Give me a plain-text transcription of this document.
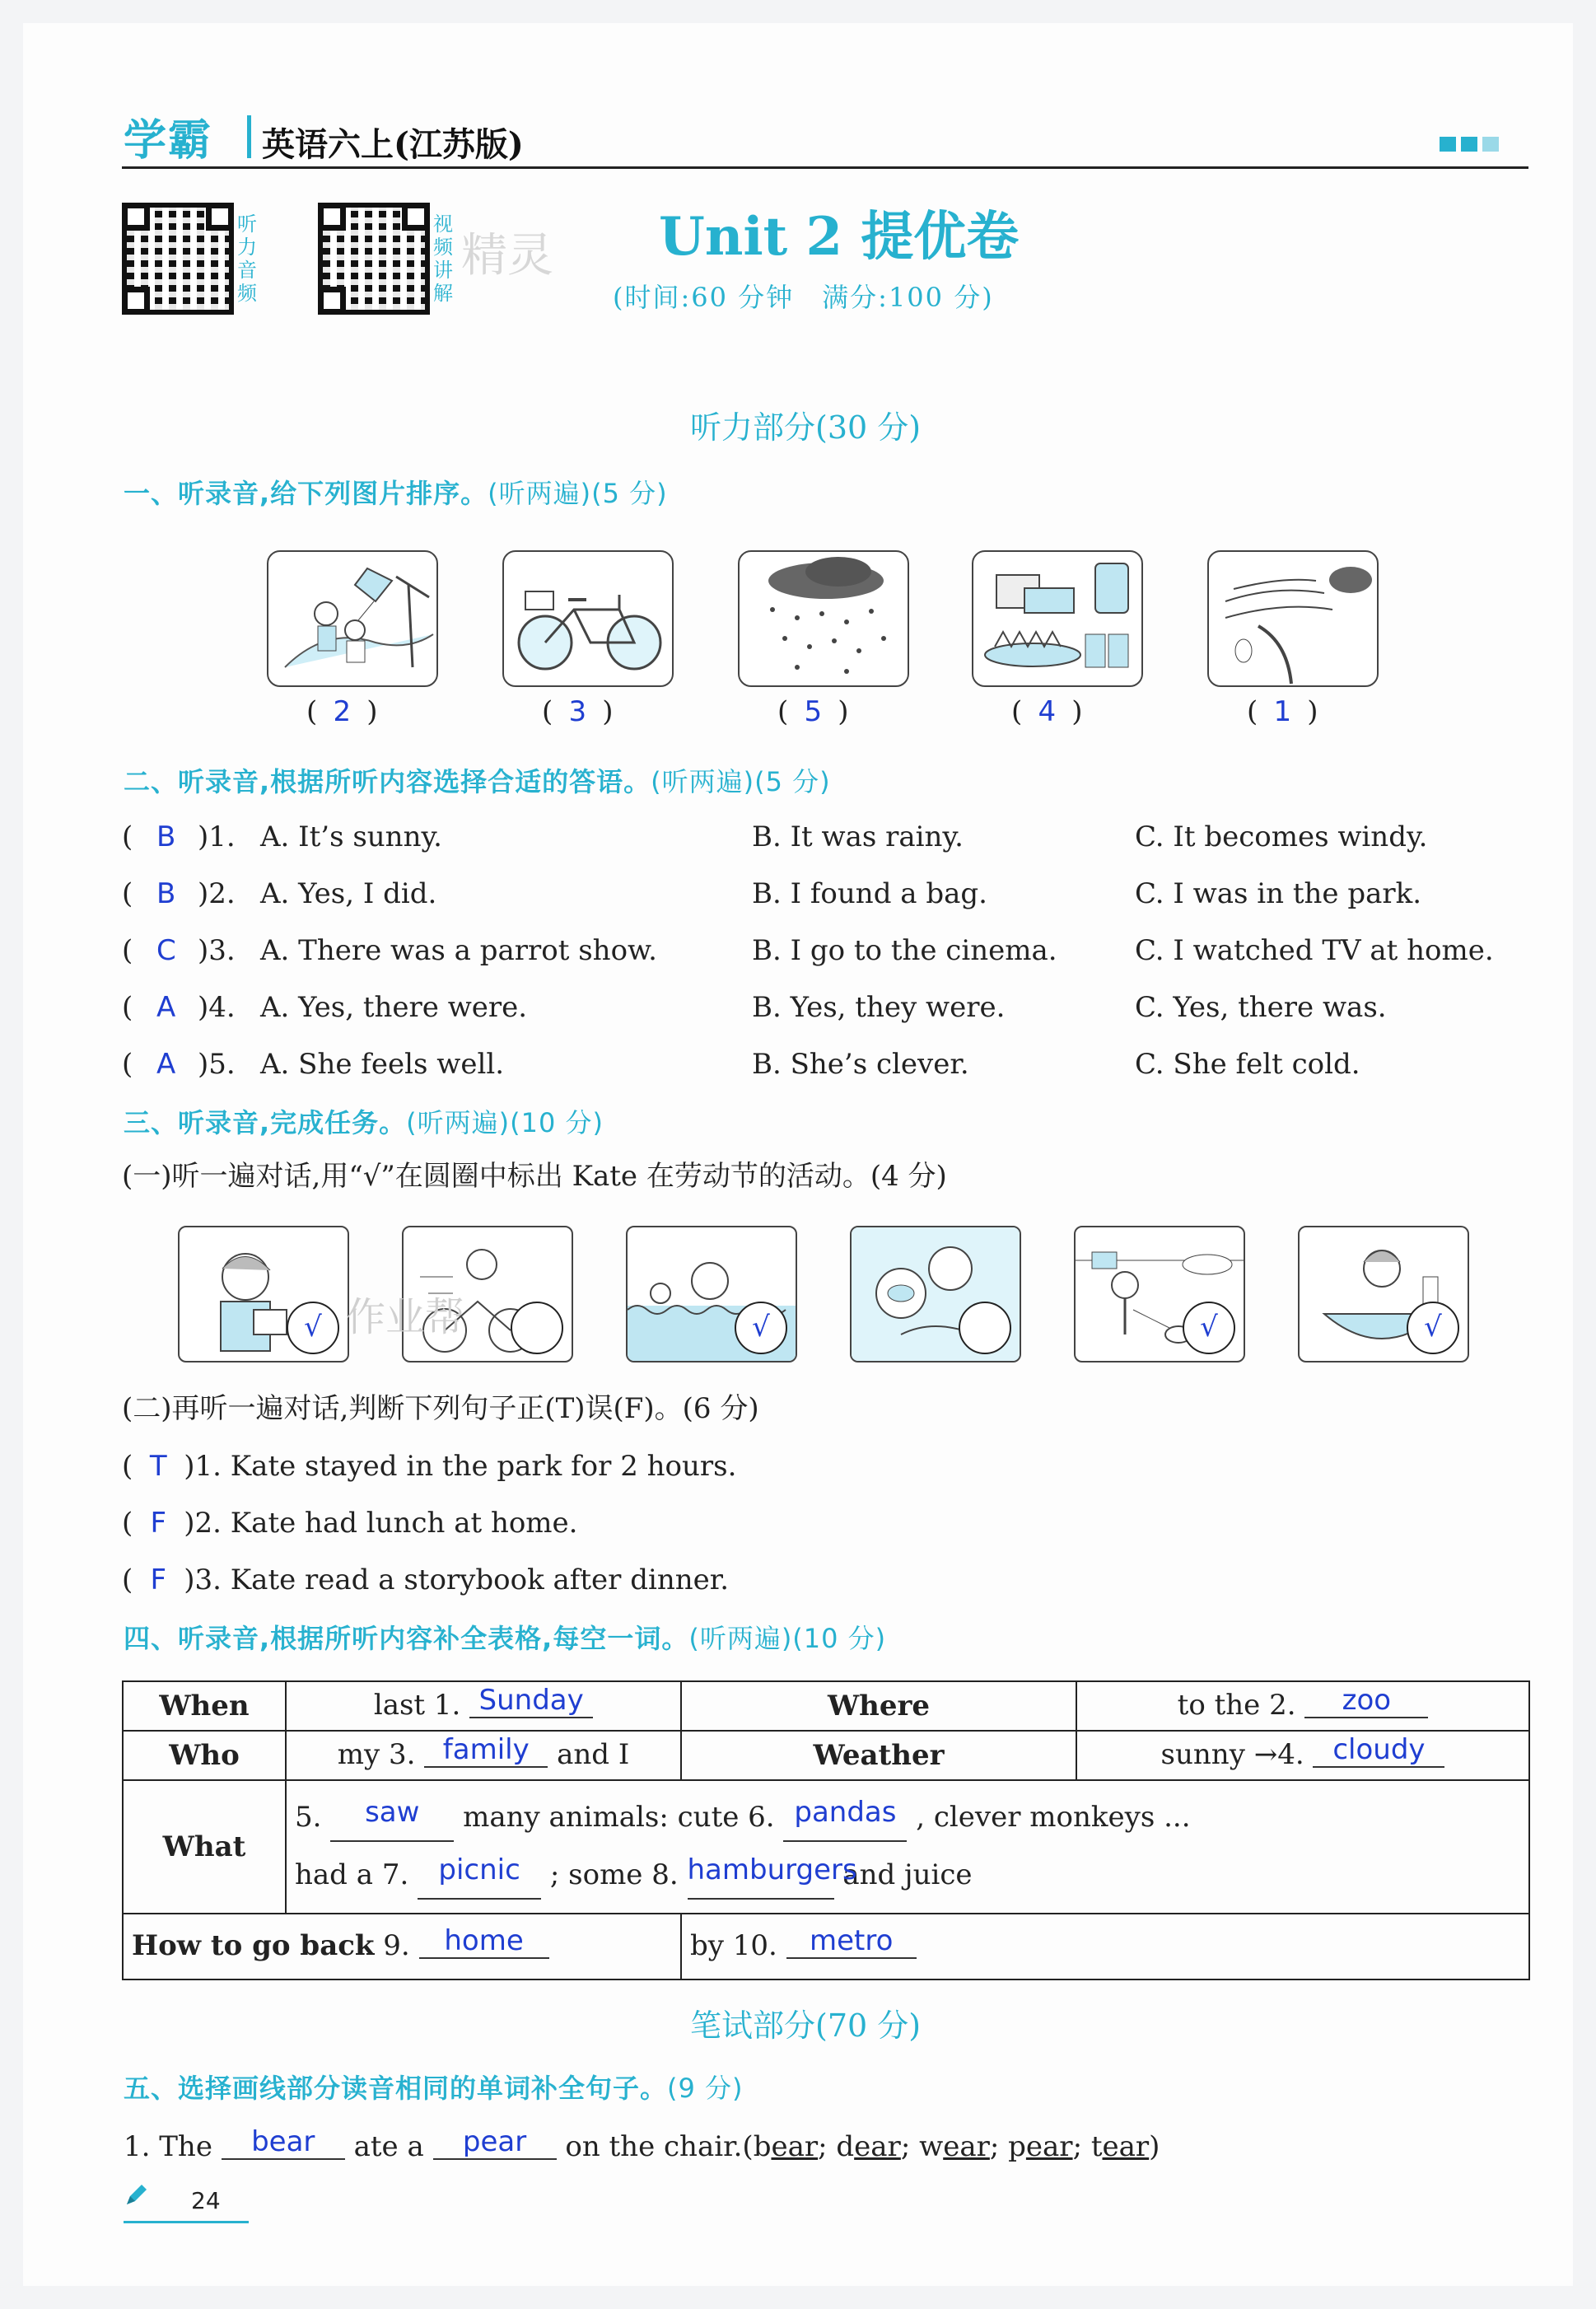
学霸 英语六上(江苏版)
听力音频
视频讲解
精灵 Unit 2 提优卷
(时间:60 分钟　满分:100 分)
听力部分(30 分)
一、听录音,给下列图片排序。(听两遍)(5 分)
( 2 )	( 3 )	( 5 )	( 4 )	( 1 )
二、听录音,根据所听内容选择合适的答语。(听两遍)(5 分)
( B )1. A. It’s sunny.	B. It was rainy.	C. It becomes windy.
( B )2. A. Yes, I did.	B. I found a bag.	C. I was in the park.
( C )3. A. There was a parrot show.	B. I go to the cinema.	C. I watched TV at home.
( A )4. A. Yes, there were.	B. Yes, they were.	C. Yes, there was.
( A )5. A. She feels well.	B. She’s clever.	C. She felt cold.
三、听录音,完成任务。(听两遍)(10 分)
(一)听一遍对话,用“√”在圆圈中标出 Kate 在劳动节的活动。(4 分)
√	√	√	√
作业帮
(二)再听一遍对话,判断下列句子正(T)误(F)。(6 分)
( T )1. Kate stayed in the park for 2 hours.
( F )2. Kate had lunch at home.
( F )3. Kate read a storybook after dinner.
四、听录音,根据所听内容补全表格,每空一词。(听两遍)(10 分)
When	last 1. Sunday	Where	to the 2. zoo
Who	my 3. family and I	Weather	sunny →4. cloudy
What	5. saw many animals: cute 6. pandas , clever monkeys ...
had a 7. picnic ; some 8. hamburgers and juice		

How to go back 9. home		by 10. metro	
笔试部分(70 分)
五、选择画线部分读音相同的单词补全句子。(9 分)
1. The bear ate a pear on the chair.(bear; dear; wear; pear; tear)
24
